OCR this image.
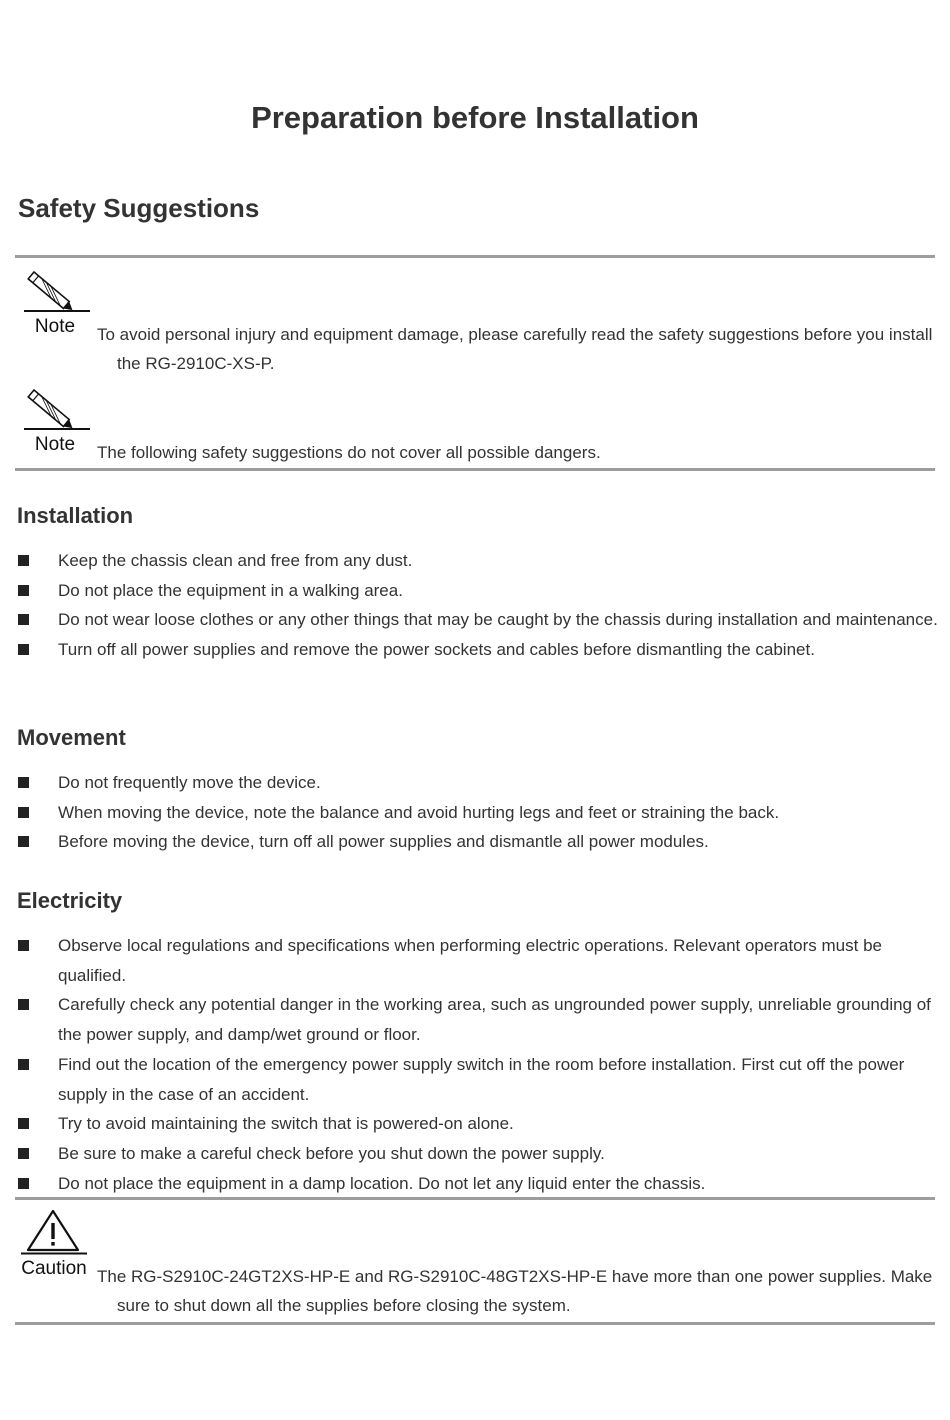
Preparation before Installation
Safety Suggestions
Note	To avoid personal injury and equipment damage, please carefully read the safety suggestions before you install
the RG-2910C-XS-P.
Note	The following safety suggestions do not cover all possible dangers.
Installation
Keep the chassis clean and free from any dust.
Do not place the equipment in a walking area.
Do not wear loose clothes or any other things that may be caught by the chassis during installation and maintenance.
Turn off all power supplies and remove the power sockets and cables before dismantling the cabinet.
Movement
Do not frequently move the device.
When moving the device, note the balance and avoid hurting legs and feet or straining the back.
Before moving the device, turn off all power supplies and dismantle all power modules.
Electricity
Observe local regulations and specifications when performing electric operations. Relevant operators must be qualified.
Carefully check any potential danger in the working area, such as ungrounded power supply, unreliable grounding of the power supply, and damp/wet ground or floor.
Find out the location of the emergency power supply switch in the room before installation. First cut off the power supply in the case of an accident.
Try to avoid maintaining the switch that is powered-on alone.
Be sure to make a careful check before you shut down the power supply.
Do not place the equipment in a damp location. Do not let any liquid enter the chassis.
Caution The RG-S2910C-24GT2XS-HP-E and RG-S2910C-48GT2XS-HP-E have more than one power supplies. Make
sure to shut down all the supplies before closing the system.
